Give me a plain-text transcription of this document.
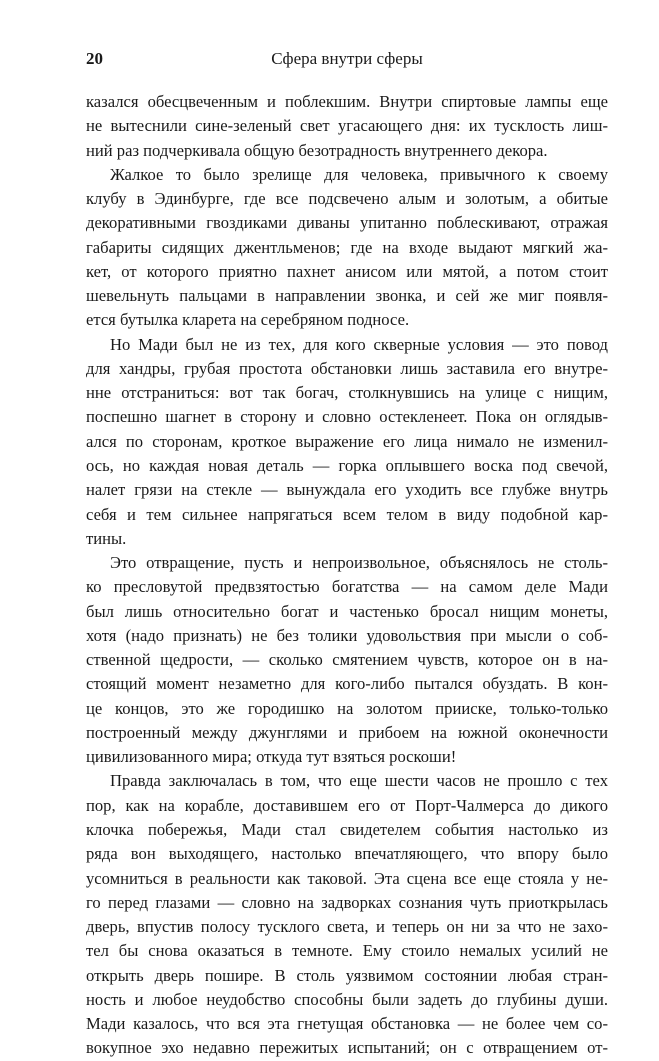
20	Сфера внутри сферы
казался обесцвеченным и поблекшим. Внутри спиртовые лампы еще
не вытеснили сине-зеленый свет угасающего дня: их тусклость лиш-
ний раз подчеркивала общую безотрадность внутреннего декора.
Жалкое то было зрелище для человека, привычного к своему
клубу в Эдинбурге, где все подсвечено алым и золотым, а обитые
декоративными гвоздиками диваны упитанно поблескивают, отражая
габариты сидящих джентльменов; где на входе выдают мягкий жа-
кет, от которого приятно пахнет анисом или мятой, а потом стоит
шевельнуть пальцами в направлении звонка, и сей же миг появля-
ется бутылка кларета на серебряном подносе.
Но Мади был не из тех, для кого скверные условия — это повод
для хандры, грубая простота обстановки лишь заставила его внутре-
нне отстраниться: вот так богач, столкнувшись на улице с нищим,
поспешно шагнет в сторону и словно остекленеет. Пока он оглядыв-
ался по сторонам, кроткое выражение его лица нимало не изменил-
ось, но каждая новая деталь — горка оплывшего воска под свечой,
налет грязи на стекле — вынуждала его уходить все глубже внутрь
себя и тем сильнее напрягаться всем телом в виду подобной кар-
тины.
Это отвращение, пусть и непроизвольное, объяснялось не столь-
ко пресловутой предвзятостью богатства — на самом деле Мади
был лишь относительно богат и частенько бросал нищим монеты,
хотя (надо признать) не без толики удовольствия при мысли о соб-
ственной щедрости, — сколько смятением чувств, которое он в на-
стоящий момент незаметно для кого-либо пытался обуздать. В кон-
це концов, это же городишко на золотом прииске, только-только
построенный между джунглями и прибоем на южной оконечности
цивилизованного мира; откуда тут взяться роскоши!
Правда заключалась в том, что еще шести часов не прошло с тех
пор, как на корабле, доставившем его от Порт-Чалмерса до дикого
клочка побережья, Мади стал свидетелем события настолько из
ряда вон выходящего, настолько впечатляющего, что впору было
усомниться в реальности как таковой. Эта сцена все еще стояла у не-
го перед глазами — словно на задворках сознания чуть приоткрылась
дверь, впустив полосу тусклого света, и теперь он ни за что не захо-
тел бы снова оказаться в темноте. Ему стоило немалых усилий не
открыть дверь пошире. В столь уязвимом состоянии любая стран-
ность и любое неудобство способны были задеть до глубины души.
Мади казалось, что вся эта гнетущая обстановка — не более чем со-
вокупное эхо недавно пережитых испытаний; он с отвращением от-
